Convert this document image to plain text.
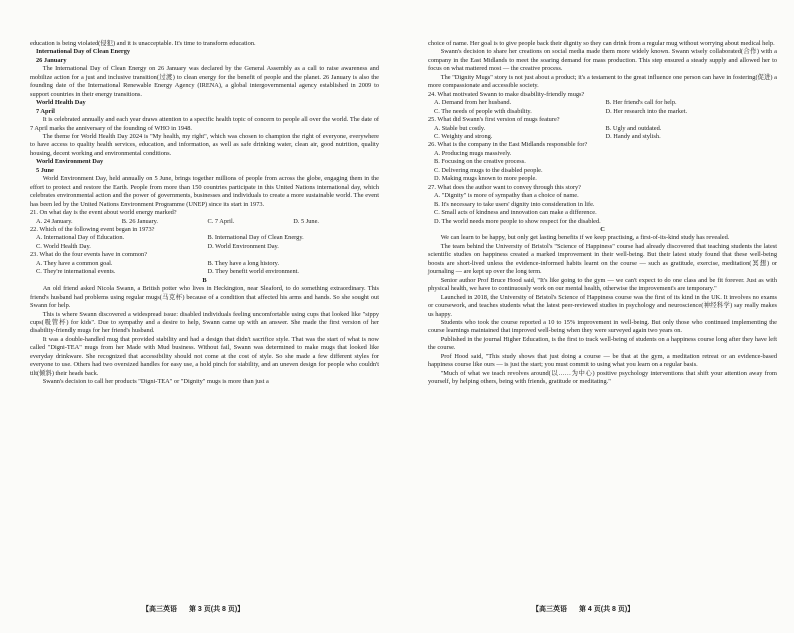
education is being violated(侵犯) and it is unacceptable. It's time to transform education.

International Day of Clean Energy

26 January

The International Day of Clean Energy on 26 January was declared by the General Assembly as a call to raise awareness and mobilize action for a just and inclusive transition(过渡) to clean energy for the benefit of people and the planet. 26 January is also the founding date of the International Renewable Energy Agency (IRENA), a global intergovernmental agency established in 2009 to support countries in their energy transitions.

World Health Day

7 April

It is celebrated annually and each year draws attention to a specific health topic of concern to people all over the world. The date of 7 April marks the anniversary of the founding of WHO in 1948.

The theme for World Health Day 2024 is "My health, my right", which was chosen to champion the right of everyone, everywhere to have access to quality health services, education, and information, as well as safe drinking water, clean air, good nutrition, quality housing, decent working and environmental conditions.

World Environment Day

5 June

World Environment Day, held annually on 5 June, brings together millions of people from across the globe, engaging them in the effort to protect and restore the Earth. People from more than 150 countries participate in this United Nations international day, which celebrates environmental action and the power of governments, businesses and individuals to create a more sustainable world. The event has been led by the United Nations Environment Programme (UNEP) since its start in 1973.

21. On what day is the event about world energy marked?

A. 24 January.	B. 26 January.	C. 7 April.	D. 5 June.

22. Which of the following event began in 1973?

A. International Day of Education.	B. International Day of Clean Energy.
C. World Health Day.	D. World Environment Day.

23. What do the four events have in common?

A. They have a common goal.	B. They have a long history.
C. They're international events.	D. They benefit world environment.

B

An old friend asked Nicola Swann, a British potter who lives in Heckington, near Sleaford, to do something extraordinary. This friend's husband had problems using regular mugs(马克杯) because of a condition that affected his arms and hands. So she sought out Swann for help.

This is where Swann discovered a widespread issue: disabled individuals feeling uncomfortable using cups that looked like "sippy cups(吸管杯) for kids". Due to sympathy and a desire to help, Swann came up with an answer. She made the first version of her disability-friendly mugs for her friend's husband.

It was a double-handled mug that provided stability and had a design that didn't sacrifice style. That was the start of what is now called "Digni-TEA" mugs from her Made with Mud business. Without fail, Swann was determined to make mugs that looked like everyday drinkware. She recognized that accessibility should not come at the cost of style. So she made a few different styles for everyone to use. Others had two oversized handles for easy use, a hold pinch for stability, and an uneven design for people who couldn't tilt(倾斜) their heads back.

Swann's decision to call her products "Digni-TEA" or "Dignity" mugs is more than just a

choice of name. Her goal is to give people back their dignity so they can drink from a regular mug without worrying about medical help.

Swann's decision to share her creations on social media made them more widely known. Swann wisely collaborated(合作) with a company in the East Midlands to meet the soaring demand for mass production. This step ensured a steady supply and allowed her to focus on what mattered most — the creative process.

The "Dignity Mugs" story is not just about a product; it's a testament to the great influence one person can have in fostering(促进) a more compassionate and accessible society.

24. What motivated Swann to make disability-friendly mugs?

A. Demand from her husband.	B. Her friend's call for help.
C. The needs of people with disability.	D. Her research into the market.

25. What did Swann's first version of mugs feature?

A. Stable but costly.	B. Ugly and outdated.
C. Weighty and strong.	D. Handy and stylish.

26. What is the company in the East Midlands responsible for?

A. Producing mugs massively.
B. Focusing on the creative process.
C. Delivering mugs to the disabled people.
D. Making mugs known to more people.

27. What does the author want to convey through this story?

A. "Dignity" is more of sympathy than a choice of name.
B. It's necessary to take users' dignity into consideration in life.
C. Small acts of kindness and innovation can make a difference.
D. The world needs more people to show respect for the disabled.

C

We can learn to be happy, but only get lasting benefits if we keep practising, a first-of-its-kind study has revealed.

The team behind the University of Bristol's "Science of Happiness" course had already discovered that teaching students the latest scientific studies on happiness created a marked improvement in their well-being. But their latest study found that these well-being boosts are short-lived unless the evidence-informed habits learnt on the course — such as gratitude, exercise, meditation(冥想) or journaling — are kept up over the long term.

Senior author Prof Bruce Hood said, "It's like going to the gym — we can't expect to do one class and be fit forever. Just as with physical health, we have to continuously work on our mental health, otherwise the improvement's are temporary."

Launched in 2018, the University of Bristol's Science of Happiness course was the first of its kind in the UK. It involves no exams or coursework, and teaches students what the latest peer-reviewed studies in psychology and neuroscience(神经科学) say really makes us happy.

Students who took the course reported a 10 to 15% improvement in well-being. But only those who continued implementing the course learnings maintained that improved well-being when they were surveyed again two years on.

Published in the journal Higher Education, is the first to track well-being of students on a happiness course long after they have left the course.

Prof Hood said, "This study shows that just doing a course — be that at the gym, a meditation retreat or an evidence-based happiness course like ours — is just the start; you must commit to using what you learn on a regular basis.

"Much of what we teach revolves around(以……为中心) positive psychology interventions that shift your attention away from yourself, by helping others, being with friends, gratitude or meditating."

【高三英语 第 3 页(共 8 页)】	【高三英语 第 4 页(共 8 页)】
